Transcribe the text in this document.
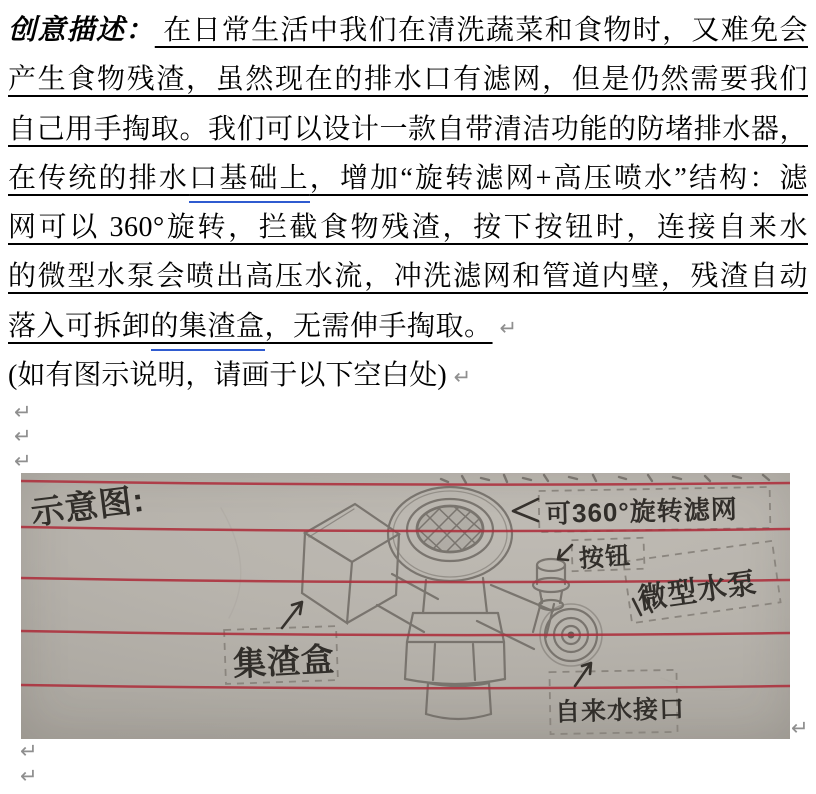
创意描述： 在日常生活中我们在清洗蔬菜和食物时，又难免会
产生食物残渣，虽然现在的排水口有滤网，但是仍然需要我们
自己用手掏取。我们可以设计一款自带清洁功能的防堵排水器，
在传统的排水口基础上，增加“旋转滤网+高压喷水”结构：滤
网可以 360°旋转，拦截食物残渣，按下按钮时，连接自来水
的微型水泵会喷出高压水流，冲洗滤网和管道内壁，残渣自动
落入可拆卸的集渣盒，无需伸手掏取。 ↵
(如有图示说明，请画于以下空白处) ↵
↵
↵
↵
示意图:	可360°旋转滤网
按钮
微型水泵
集渣盒
自来水接口
↵
↵
↵
